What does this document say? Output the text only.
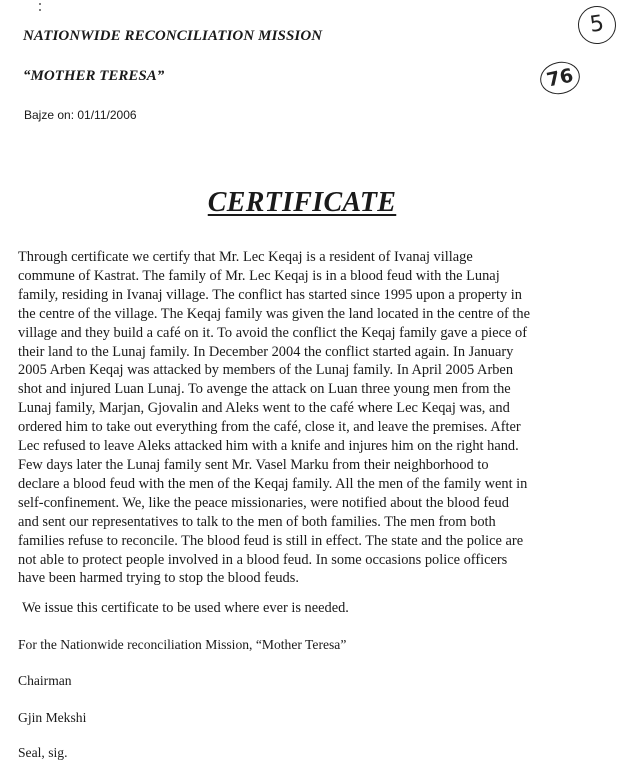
NATIONWIDE RECONCILIATION MISSION
“MOTHER TERESA”
Bajze on: 01/11/2006
5
76
CERTIFICATE
Through certificate we certify that Mr. Lec Keqaj is a resident of Ivanaj village
commune of Kastrat. The family of Mr. Lec Keqaj is in a blood feud with the Lunaj
family, residing in Ivanaj village. The conflict has started since 1995 upon a property in
the centre of the village. The Keqaj family was given the land located in the centre of the
village and they build a café on it. To avoid the conflict the Keqaj family gave a piece of
their land to the Lunaj family. In December 2004 the conflict started again. In January
2005 Arben Keqaj was attacked by members of the Lunaj family. In April 2005 Arben
shot and injured Luan Lunaj. To avenge the attack on Luan three young men from the
Lunaj family, Marjan, Gjovalin and Aleks went to the café where Lec Keqaj was, and
ordered him to take out everything from the café, close it, and leave the premises. After
Lec refused to leave Aleks attacked him with a knife and injures him on the right hand.
Few days later the Lunaj family sent Mr. Vasel Marku from their neighborhood to
declare a blood feud with the men of the Keqaj family. All the men of the family went in
self-confinement. We, like the peace missionaries, were notified about the blood feud
and sent our representatives to talk to the men of both families. The men from both
families refuse to reconcile. The blood feud is still in effect. The state and the police are
not able to protect people involved in a blood feud. In some occasions police officers
have been harmed trying to stop the blood feuds.
We issue this certificate to be used where ever is needed.
For the Nationwide reconciliation Mission, “Mother Teresa”
Chairman
Gjin Mekshi
Seal, sig.
